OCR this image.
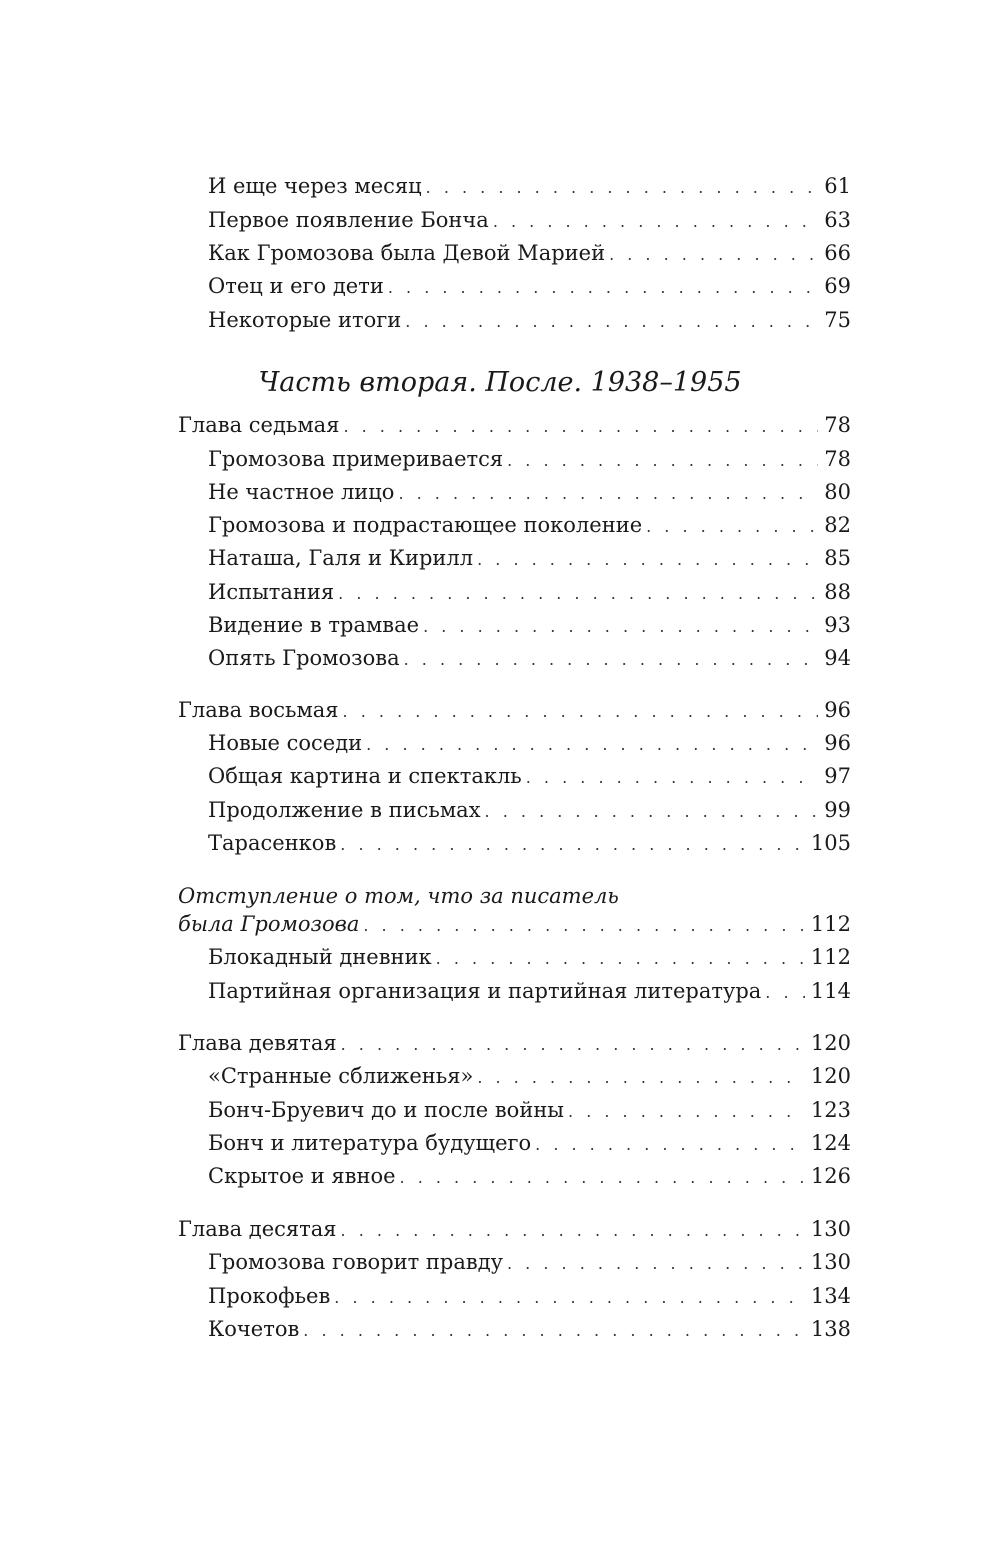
И еще через месяц . . .	61
Первое появление Бонча . . .	63
Как Громозова была Девой Марией . . .	66
Отец и его дети . . .	69
Некоторые итоги . . .	75
Часть вторая. После. 1938–1955
Глава седьмая . . .	78
Громозова примеривается . . .	78
Не частное лицо . . .	80
Громозова и подрастающее поколение . . .	82
Наташа, Галя и Кирилл . . .	85
Испытания . . .	88
Видение в трамвае . . .	93
Опять Громозова . . .	94
Глава восьмая . . .	96
Новые соседи . . .	96
Общая картина и спектакль . . .	97
Продолжение в письмах . . .	99
Тарасенков . . .	105
Отступление о том, что за писатель
была Громозова . . .	112
Блокадный дневник . . .	112
Партийная организация и партийная литература . . . 114
Глава девятая . . .	120
«Странные сближенья» . . .	120
Бонч-Бруевич до и после войны . . .	123
Бонч и литература будущего . . .	124
Скрытое и явное . . .	126
Глава десятая . . .	130
Громозова говорит правду . . .	130
Прокофьев . . .	134
Кочетов . . .	138
